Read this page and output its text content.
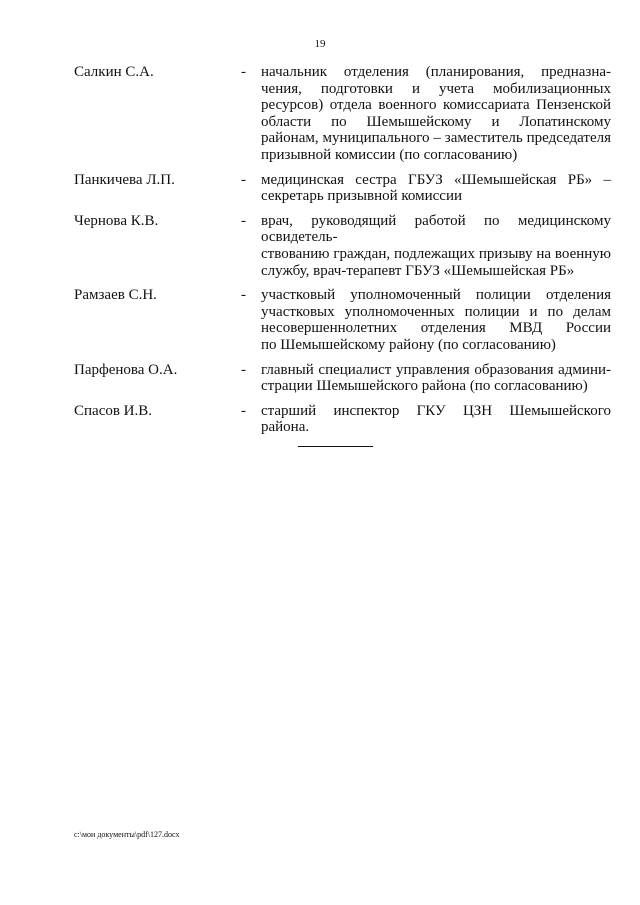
19
Салкин С.А.	- начальник отделения (планирования, предназна-
чения, подготовки и учета мобилизационных
ресурсов) отдела военного комиссариата Пензенской
области по Шемышейскому и Лопатинскому
районам, муниципального – заместитель председателя
призывной комиссии (по согласованию)
Панкичева Л.П.	- медицинская сестра ГБУЗ «Шемышейская РБ» –
секретарь призывной комиссии
Чернова К.В.	- врач, руководящий работой по медицинскому освидетель-
ствованию граждан, подлежащих призыву на военную
службу, врач-терапевт ГБУЗ «Шемышейская РБ»
Рамзаев С.Н.	- участковый уполномоченный полиции отделения
участковых уполномоченных полиции и по делам
несовершеннолетних отделения МВД России
по Шемышейскому району (по согласованию)
Парфенова О.А.	- главный специалист управления образования админи-
страции Шемышейского района (по согласованию)
Спасов И.В.	- старший инспектор ГКУ ЦЗН Шемышейского
района.
c:\мои документы\pdf\127.docx
